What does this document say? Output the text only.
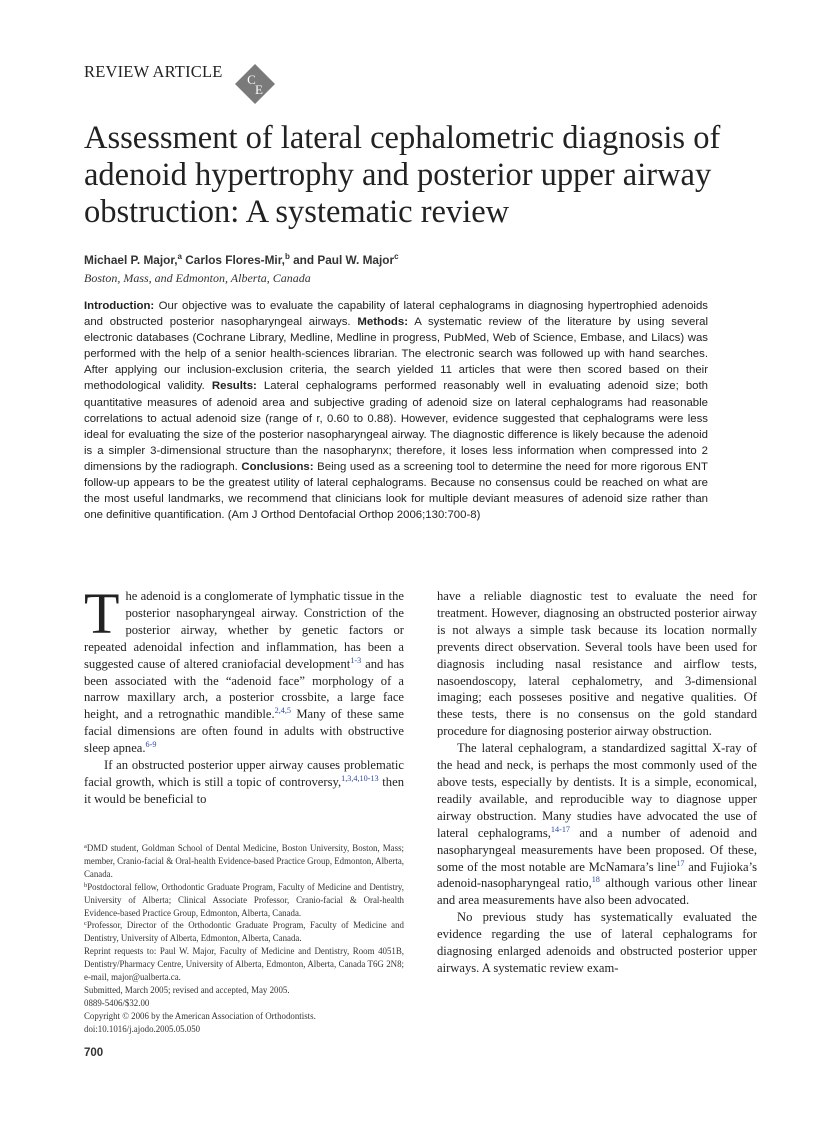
REVIEW ARTICLE C
E
Assessment of lateral cephalometric diagnosis of adenoid hypertrophy and posterior upper airway obstruction: A systematic review
Michael P. Major,$^a$ Carlos Flores-Mir,$^b$ and Paul W. Major$^c$
Boston, Mass, and Edmonton, Alberta, Canada
Introduction: Our objective was to evaluate the capability of lateral cephalograms in diagnosing hypertrophied adenoids and obstructed posterior nasopharyngeal airways. Methods: A systematic review of the literature by using several electronic databases (Cochrane Library, Medline, Medline in progress, PubMed, Web of Science, Embase, and Lilacs) was performed with the help of a senior health-sciences librarian. The electronic search was followed up with hand searches. After applying our inclusion-exclusion criteria, the search yielded 11 articles that were then scored based on their methodological validity. Results: Lateral cephalograms performed reasonably well in evaluating adenoid size; both quantitative measures of adenoid area and subjective grading of adenoid size on lateral cephalograms had reasonable correlations to actual adenoid size (range of r, 0.60 to 0.88). However, evidence suggested that cephalograms were less ideal for evaluating the size of the posterior nasopharyngeal airway. The diagnostic difference is likely because the adenoid is a simpler 3-dimensional structure than the nasopharynx; therefore, it loses less information when compressed into 2 dimensions by the radiograph. Conclusions: Being used as a screening tool to determine the need for more rigorous ENT follow-up appears to be the greatest utility of lateral cephalograms. Because no consensus could be reached on what are the most useful landmarks, we recommend that clinicians look for multiple deviant measures of adenoid size rather than one definitive quantification. (Am J Orthod Dentofacial Orthop 2006;130:700-8)

The adenoid is a conglomerate of lymphatic tissue in the posterior nasopharyngeal airway. Constriction of the posterior airway, whether by genetic factors or repeated adenoidal infection and inflammation, has been a suggested cause of altered craniofacial development$^{1-3}$ and has been associated with the “adenoid face” morphology of a narrow maxillary arch, a posterior crossbite, a large face height, and a retrognathic mandible.$^{2,4,5}$ Many of these same facial dimensions are often found in adults with obstructive sleep apnea.$^{6-9}$

If an obstructed posterior upper airway causes problematic facial growth, which is still a topic of controversy,$^{1,3,4,10-13}$ then it would be beneficial to

$^a$DMD student, Goldman School of Dental Medicine, Boston University, Boston, Mass; member, Cranio-facial & Oral-health Evidence-based Practice Group, Edmonton, Alberta, Canada.
$^b$Postdoctoral fellow, Orthodontic Graduate Program, Faculty of Medicine and Dentistry, University of Alberta; Clinical Associate Professor, Cranio-facial & Oral-health Evidence-based Practice Group, Edmonton, Alberta, Canada.
$^c$Professor, Director of the Orthodontic Graduate Program, Faculty of Medicine and Dentistry, University of Alberta, Edmonton, Alberta, Canada.
Reprint requests to: Paul W. Major, Faculty of Medicine and Dentistry, Room 4051B, Dentistry/Pharmacy Centre, University of Alberta, Edmonton, Alberta, Canada T6G 2N8; e-mail, major@ualberta.ca.
Submitted, March 2005; revised and accepted, May 2005.
0889-5406/$32.00
Copyright © 2006 by the American Association of Orthodontists.
doi:10.1016/j.ajodo.2005.05.050

have a reliable diagnostic test to evaluate the need for treatment. However, diagnosing an obstructed posterior airway is not always a simple task because its location normally prevents direct observation. Several tools have been used for diagnosis including nasal resistance and airflow tests, nasoendoscopy, lateral cephalometry, and 3-dimensional imaging; each posseses positive and negative qualities. Of these tests, there is no consensus on the gold standard procedure for diagnosing posterior airway obstruction.

The lateral cephalogram, a standardized sagittal X-ray of the head and neck, is perhaps the most commonly used of the above tests, especially by dentists. It is a simple, economical, readily available, and reproducible way to diagnose upper airway obstruction. Many studies have advocated the use of lateral cephalograms,$^{14-17}$ and a number of adenoid and nasopharyngeal measurements have been proposed. Of these, some of the most notable are McNamara’s line$^{17}$ and Fujioka’s adenoid-nasopharyngeal ratio,$^{18}$ although various other linear and area measurements have also been advocated.

No previous study has systematically evaluated the evidence regarding the use of lateral cephalograms for diagnosing enlarged adenoids and obstructed posterior upper airways. A systematic review exam-

700
